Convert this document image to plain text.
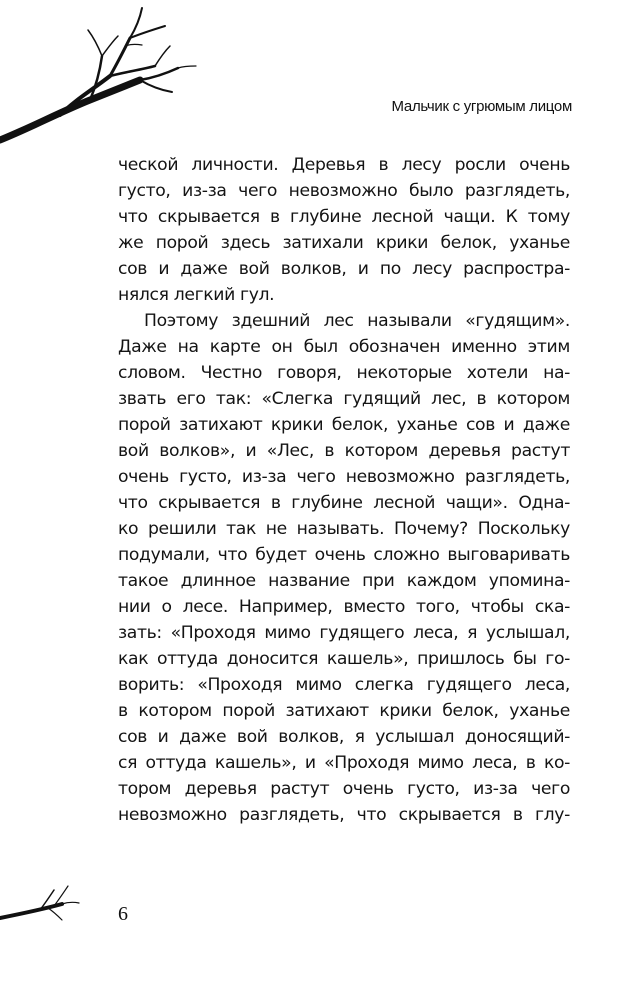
Мальчик с угрюмым лицом
ческой личности. Деревья в лесу росли очень
густо, из-за чего невозможно было разглядеть,
что скрывается в глубине лесной чащи. К тому
же порой здесь затихали крики белок, уханье
сов и даже вой волков, и по лесу распростра-
нялся легкий гул.
Поэтому здешний лес называли «гудящим».
Даже на карте он был обозначен именно этим
словом. Честно говоря, некоторые хотели на-
звать его так: «Слегка гудящий лес, в котором
порой затихают крики белок, уханье сов и даже
вой волков», и «Лес, в котором деревья растут
очень густо, из-за чего невозможно разглядеть,
что скрывается в глубине лесной чащи». Одна-
ко решили так не называть. Почему? Поскольку
подумали, что будет очень сложно выговаривать
такое длинное название при каждом упомина-
нии о лесе. Например, вместо того, чтобы ска-
зать: «Проходя мимо гудящего леса, я услышал,
как оттуда доносится кашель», пришлось бы го-
ворить: «Проходя мимо слегка гудящего леса,
в котором порой затихают крики белок, уханье
сов и даже вой волков, я услышал доносящий-
ся оттуда кашель», и «Проходя мимо леса, в ко-
тором деревья растут очень густо, из-за чего
невозможно разглядеть, что скрывается в глу-
6
